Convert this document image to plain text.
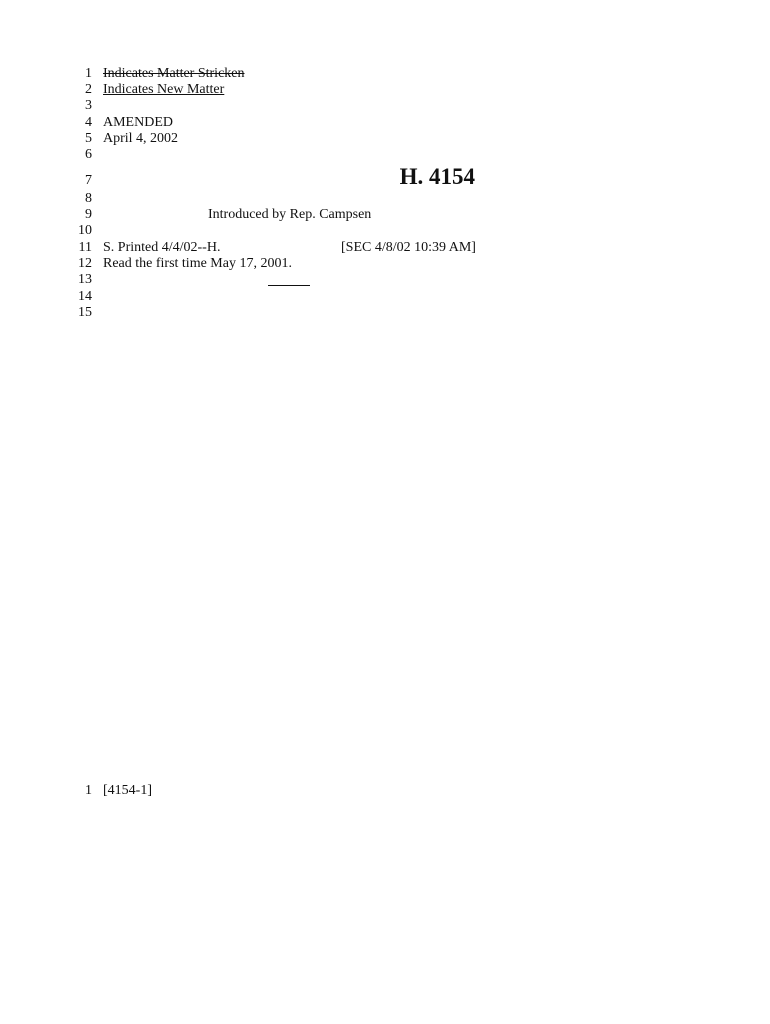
1
2
3
4
5
6
7
8
9
10
11
12
13
14
15
Indicates Matter Stricken
Indicates New Matter
AMENDED
April 4, 2002
H. 4154
Introduced by Rep. Campsen
S. Printed 4/4/02--H.	[SEC 4/8/02 10:39 AM]
Read the first time May 17, 2001.
1 [4154-1]
